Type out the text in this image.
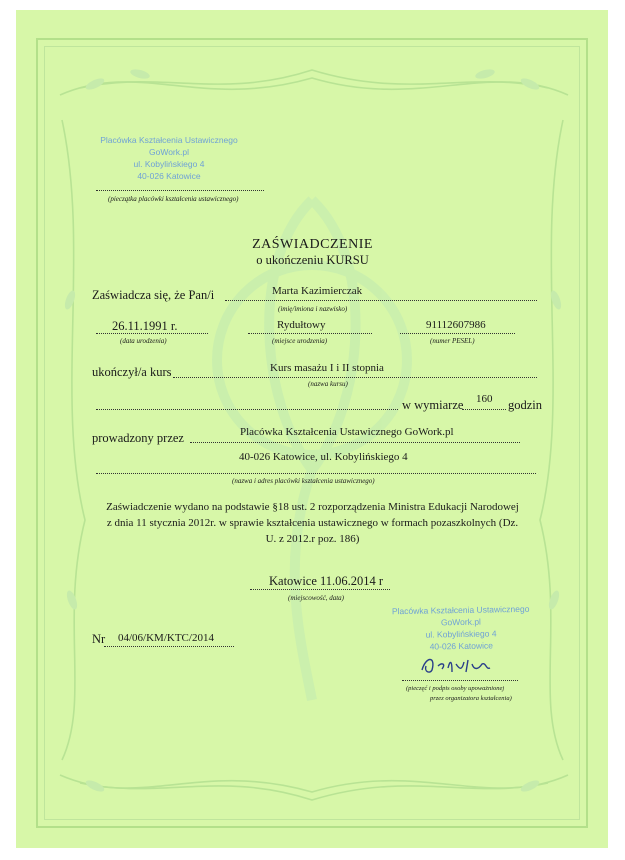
Placówka Kształcenia Ustawicznego
GoWork.pl
ul. Kobylińskiego 4
40-026 Katowice
(pieczątka placówki kształcenia ustawicznego)
ZAŚWIADCZENIE
o ukończeniu KURSU
Zaświadcza się, że Pan/i	Marta Kazimierczak
(imię/imiona i nazwisko)
26.11.1991 r.
(data urodzenia)
Rydułtowy
(miejsce urodzenia)
91112607986
(numer PESEL)
ukończył/a kurs	Kurs masażu I i II stopnia
(nazwa kursu)
w wymiarze 160 godzin
prowadzony przez	Placówka Kształcenia Ustawicznego GoWork.pl
40-026 Katowice, ul. Kobylińskiego 4
(nazwa i adres placówki kształcenia ustawicznego)
Zaświadczenie wydano na podstawie §18 ust. 2 rozporządzenia Ministra Edukacji Narodowej
z dnia 11 stycznia 2012r. w sprawie kształcenia ustawicznego w formach pozaszkolnych (Dz.
U. z 2012.r poz. 186)
Katowice 11.06.2014 r
(miejscowość, data)
Nr 04/06/KM/KTC/2014
Placówka Kształcenia Ustawicznego
GoWork.pl
ul. Kobylińskiego 4
40-026 Katowice
(pieczęć i podpis osoby upoważnionej
przez organizatora kształcenia)
